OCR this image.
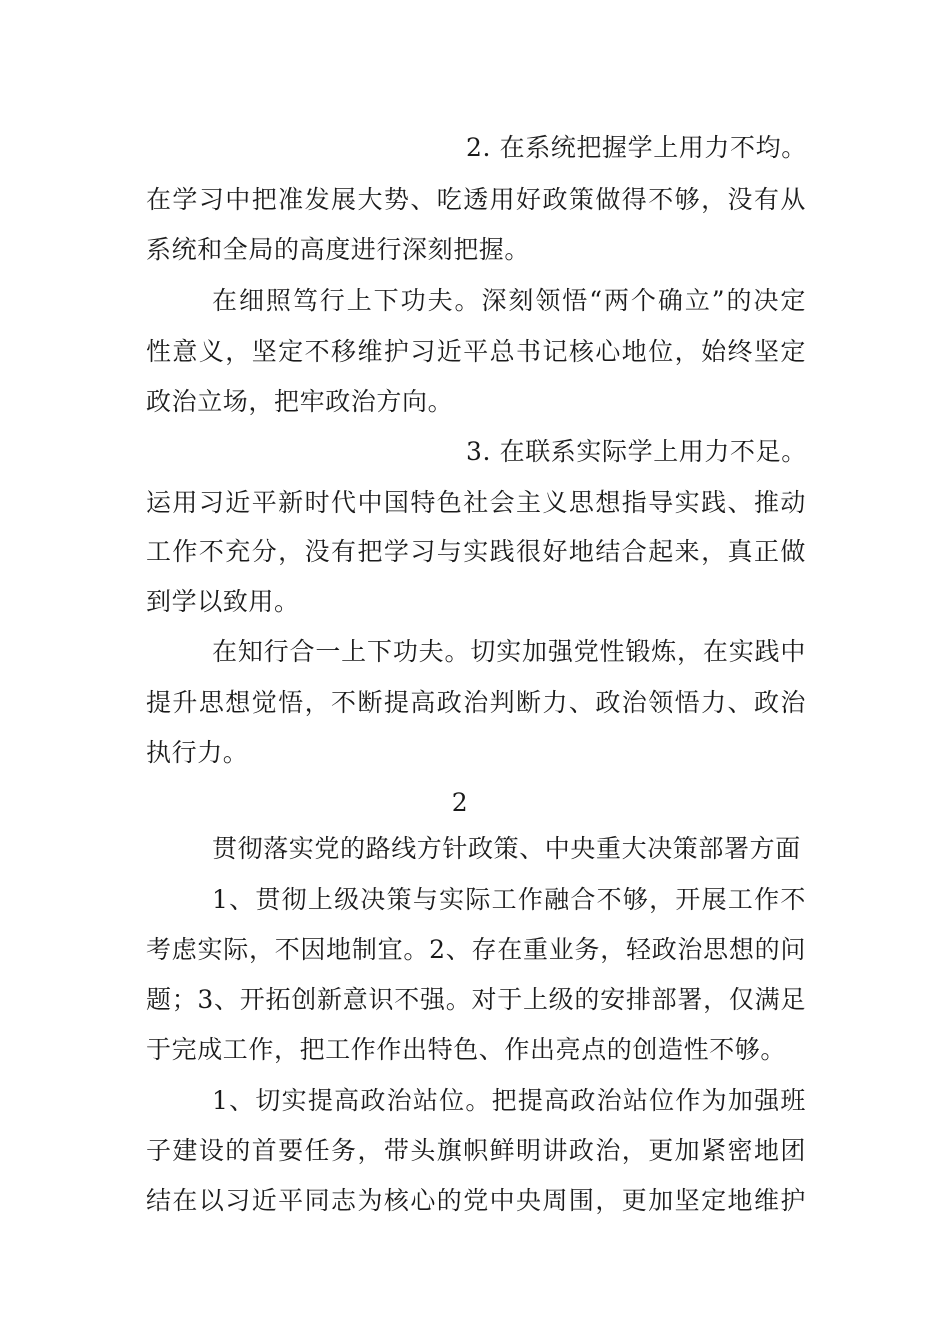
2. 在系统把握学上用力不均。
在学习中把准发展大势、吃透用好政策做得不够，没有从
系统和全局的高度进行深刻把握。
在细照笃行上下功夫。深刻领悟“两个确立”的决定
性意义，坚定不移维护习近平总书记核心地位，始终坚定
政治立场，把牢政治方向。
3. 在联系实际学上用力不足。
运用习近平新时代中国特色社会主义思想指导实践、推动
工作不充分，没有把学习与实践很好地结合起来，真正做
到学以致用。
在知行合一上下功夫。切实加强党性锻炼，在实践中
提升思想觉悟，不断提高政治判断力、政治领悟力、政治
执行力。
2
贯彻落实党的路线方针政策、中央重大决策部署方面
1、贯彻上级决策与实际工作融合不够，开展工作不
考虑实际，不因地制宜。2、存在重业务，轻政治思想的问
题；3、开拓创新意识不强。对于上级的安排部署，仅满足
于完成工作，把工作作出特色、作出亮点的创造性不够。
1、切实提高政治站位。把提高政治站位作为加强班
子建设的首要任务，带头旗帜鲜明讲政治，更加紧密地团
结在以习近平同志为核心的党中央周围，更加坚定地维护
